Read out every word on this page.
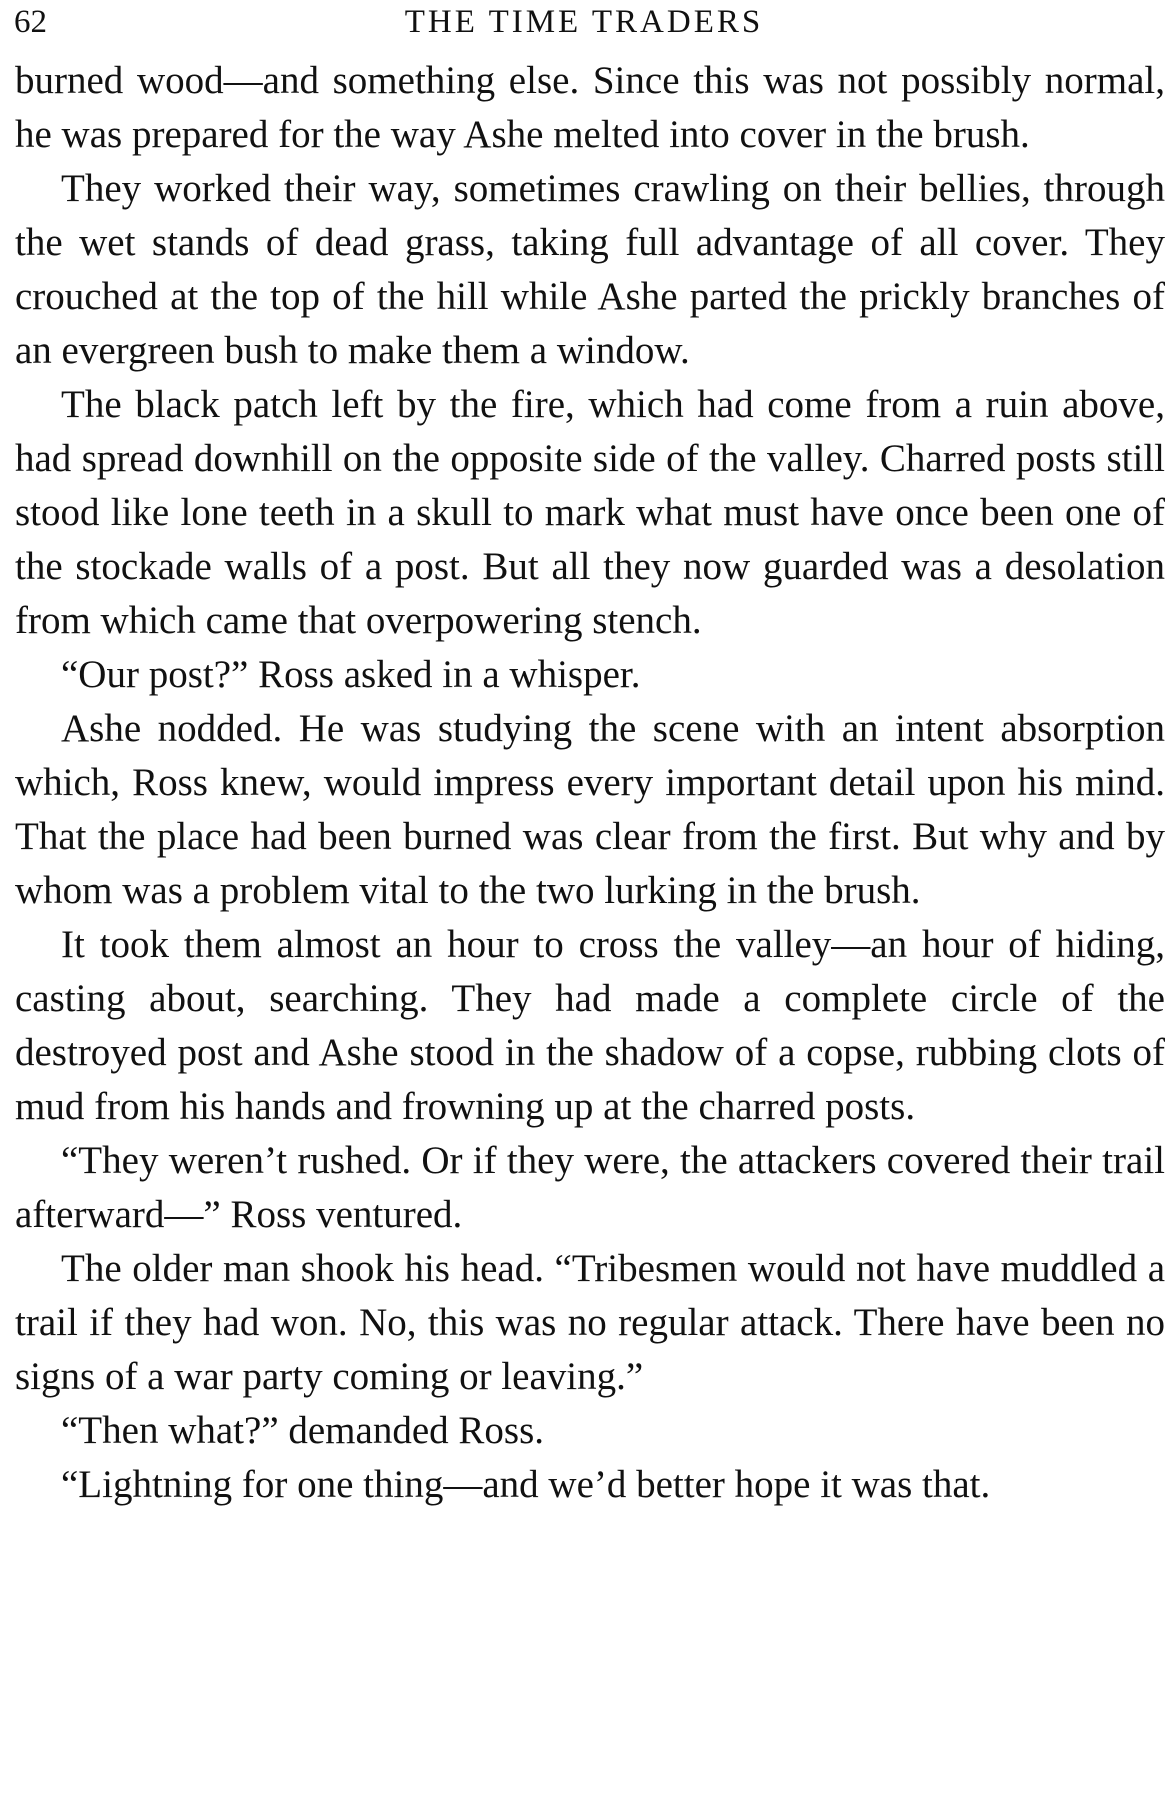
62	THE TIME TRADERS

burned wood—and something else. Since this was not possibly normal, he was prepared for the way Ashe melted into cover in the brush.

They worked their way, sometimes crawling on their bellies, through the wet stands of dead grass, taking full advantage of all cover. They crouched at the top of the hill while Ashe parted the prickly branches of an evergreen bush to make them a window.

The black patch left by the fire, which had come from a ruin above, had spread downhill on the opposite side of the valley. Charred posts still stood like lone teeth in a skull to mark what must have once been one of the stockade walls of a post. But all they now guarded was a desolation from which came that overpowering stench.

“Our post?” Ross asked in a whisper.

Ashe nodded. He was studying the scene with an intent absorption which, Ross knew, would impress every important detail upon his mind. That the place had been burned was clear from the first. But why and by whom was a problem vital to the two lurking in the brush.

It took them almost an hour to cross the valley—an hour of hiding, casting about, searching. They had made a complete circle of the destroyed post and Ashe stood in the shadow of a copse, rubbing clots of mud from his hands and frowning up at the charred posts.

“They weren’t rushed. Or if they were, the attackers covered their trail afterward—” Ross ventured.

The older man shook his head. “Tribesmen would not have muddled a trail if they had won. No, this was no regular attack. There have been no signs of a war party coming or leaving.”

“Then what?” demanded Ross.

“Lightning for one thing—and we’d better hope it was that.
